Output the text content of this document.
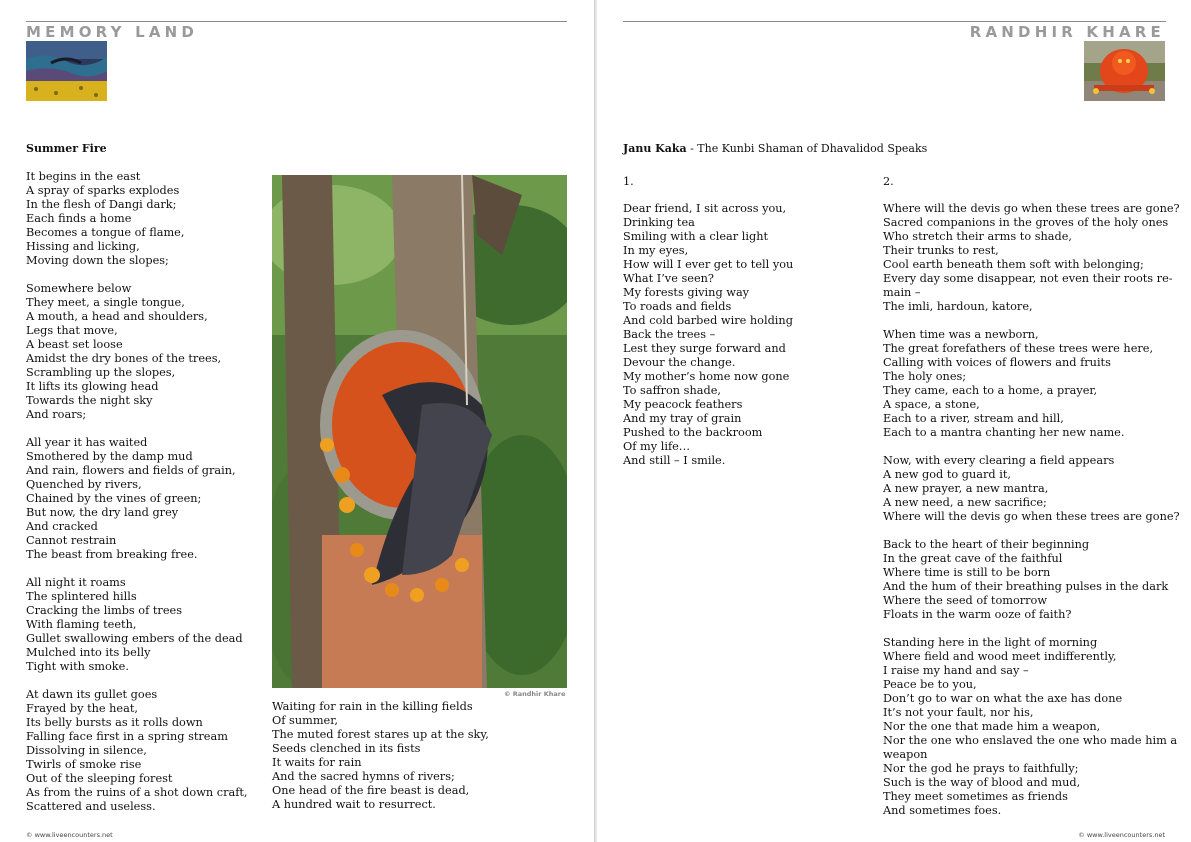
MEMORY LAND
Summer Fire
It begins in the east
A spray of sparks explodes
In the flesh of Dangi dark;
Each finds a home
Becomes a tongue of flame,
Hissing and licking,
Moving down the slopes;
Somewhere below
They meet, a single tongue,
A mouth, a head and shoulders,
Legs that move,
A beast set loose
Amidst the dry bones of the trees,
Scrambling up the slopes,
It lifts its glowing head
Towards the night sky
And roars;
All year it has waited
Smothered by the damp mud
And rain, flowers and fields of grain,
Quenched by rivers,
Chained by the vines of green;
But now, the dry land grey
And cracked
Cannot restrain
The beast from breaking free.
All night it roams
The splintered hills
Cracking the limbs of trees
With flaming teeth,
Gullet swallowing embers of the dead
Mulched into its belly
Tight with smoke.
At dawn its gullet goes
Frayed by the heat,
Its belly bursts as it rolls down
Falling face first in a spring stream
Dissolving in silence,
Twirls of smoke rise
Out of the sleeping forest
As from the ruins of a shot down craft,
Scattered and useless.
© Randhir Khare
Waiting for rain in the killing fields
Of summer,
The muted forest stares up at the sky,
Seeds clenched in its fists
It waits for rain
And the sacred hymns of rivers;
One head of the fire beast is dead,
A hundred wait to resurrect.
© www.liveencounters.net
RANDHIR KHARE
Janu Kaka - The Kunbi Shaman of Dhavalidod Speaks
1.	2.
Dear friend, I sit across you,
Drinking tea
Smiling with a clear light
In my eyes,
How will I ever get to tell you
What I’ve seen?
My forests giving way
To roads and fields
And cold barbed wire holding
Back the trees –
Lest they surge forward and
Devour the change.
My mother’s home now gone
To saffron shade,
My peacock feathers
And my tray of grain
Pushed to the backroom
Of my life…
And still – I smile.
Where will the devis go when these trees are gone?
Sacred companions in the groves of the holy ones
Who stretch their arms to shade,
Their trunks to rest,
Cool earth beneath them soft with belonging;
Every day some disappear, not even their roots re-
main –
The imli, hardoun, katore,
When time was a newborn,
The great forefathers of these trees were here,
Calling with voices of flowers and fruits
The holy ones;
They came, each to a home, a prayer,
A space, a stone,
Each to a river, stream and hill,
Each to a mantra chanting her new name.
Now, with every clearing a field appears
A new god to guard it,
A new prayer, a new mantra,
A new need, a new sacrifice;
Where will the devis go when these trees are gone?
Back to the heart of their beginning
In the great cave of the faithful
Where time is still to be born
And the hum of their breathing pulses in the dark
Where the seed of tomorrow
Floats in the warm ooze of faith?
Standing here in the light of morning
Where field and wood meet indifferently,
I raise my hand and say –
Peace be to you,
Don’t go to war on what the axe has done
It’s not your fault, nor his,
Nor the one that made him a weapon,
Nor the one who enslaved the one who made him a
weapon
Nor the god he prays to faithfully;
Such is the way of blood and mud,
They meet sometimes as friends
And sometimes foes.
© www.liveencounters.net
